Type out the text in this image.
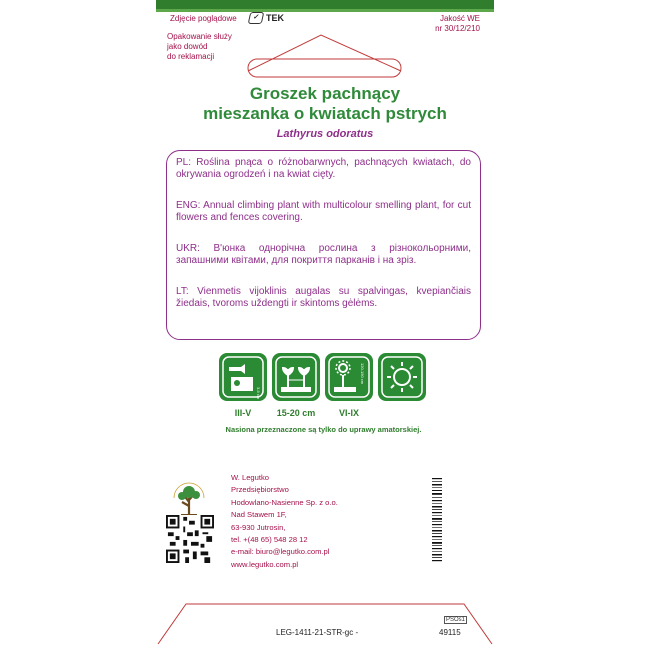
Zdjęcie poglądowe	✓ TEK	Jakość WE
nr 30/12/210
Opakowanie służy
jako dowód
do reklamacji
Groszek pachnący
mieszanka o kwiatach pstrych
Lathyrus odoratus

PL: Roślina pnąca o różnobarwnych, pachnących kwiatach, do okrywania ogrodzeń i na kwiat cięty.

ENG: Annual climbing plant with multicolour smelling plant, for cut flowers and fences covering.

UKR: В'юнка однорічна рослина з різнокольорними, запашними квітами, для покриття парканів і на зріз.

LT: Vienmetis vijoklinis augalas su spalvingas, kvepiančiais žiedais, tvoroms uždengti ir skintoms gėlėms.

3-5 cm
120-150 cm
III-V	15-20 cm	VI-IX
Nasiona przeznaczone są tylko do uprawy amatorskiej.
W. Legutko
Przedsiębiorstwo
Hodowlano-Nasienne Sp. z o.o.
Nad Stawem 1F,
63-930 Jutrosin,
tel. +(48 65) 548 28 12
e-mail: biuro@legutko.com.pl
www.legutko.com.pl
LEG-1411-21-STR-gc -
PSOs1
49115
